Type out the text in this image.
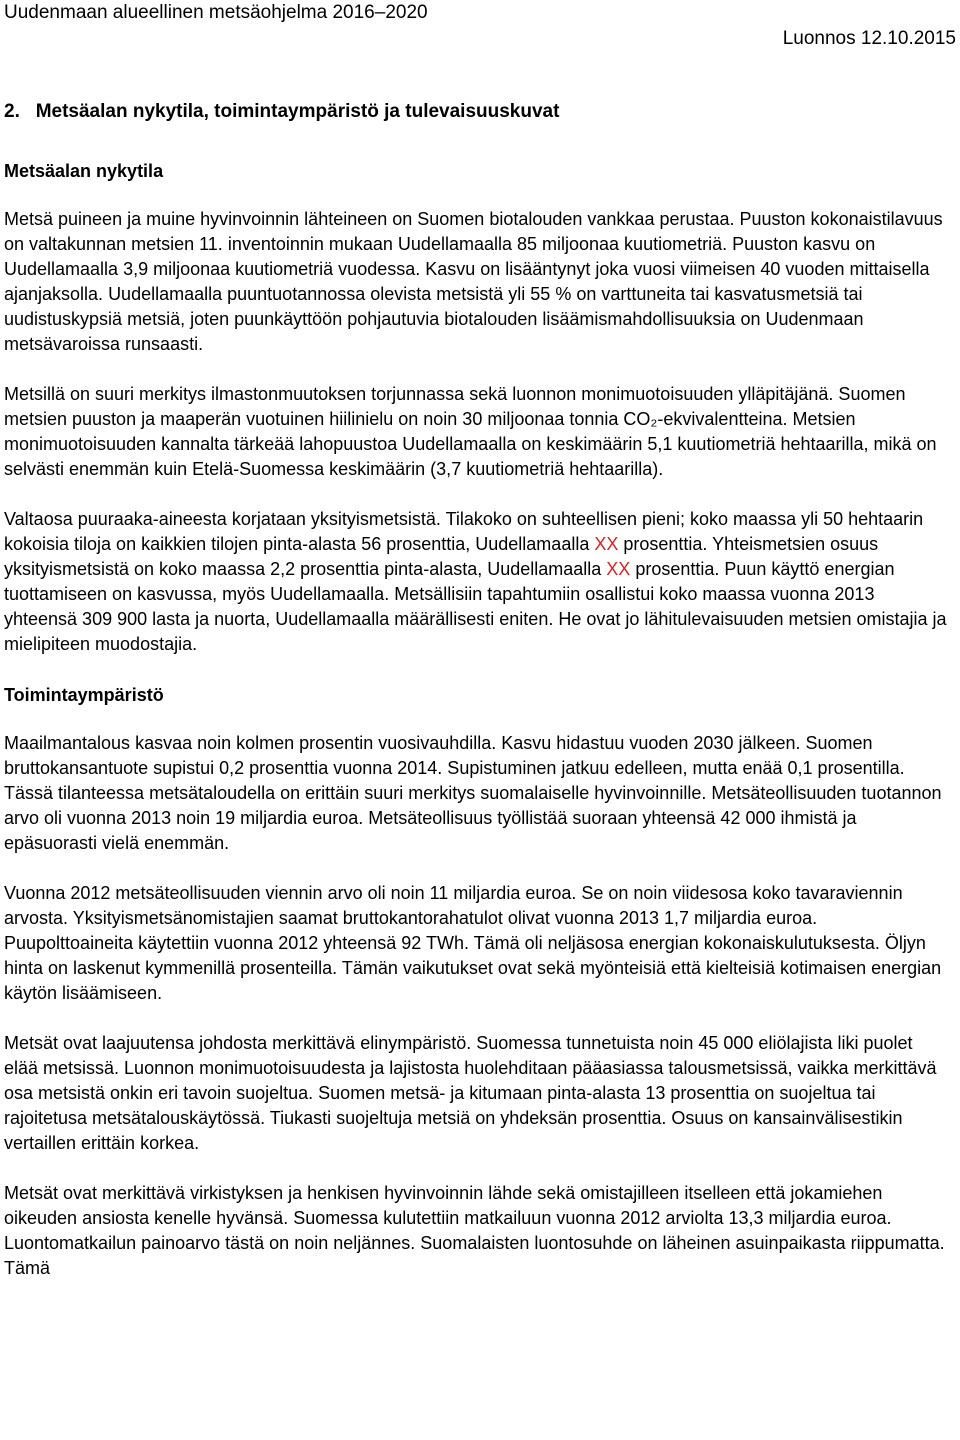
Uudenmaan alueellinen metsäohjelma 2016–2020
Luonnos 12.10.2015
2. Metsäalan nykytila, toimintaympäristö ja tulevaisuuskuvat
Metsäalan nykytila

Metsä puineen ja muine hyvinvoinnin lähteineen on Suomen biotalouden vankkaa perustaa. Puuston kokonaistilavuus on valtakunnan metsien 11. inventoinnin mukaan Uudellamaalla 85 miljoonaa kuutiometriä. Puuston kasvu on Uudellamaalla 3,9 miljoonaa kuutiometriä vuodessa. Kasvu on lisääntynyt joka vuosi viimeisen 40 vuoden mittaisella ajanjaksolla. Uudellamaalla puuntuotannossa olevista metsistä yli 55 % on varttuneita tai kasvatusmetsiä tai uudistuskypsiä metsiä, joten puunkäyttöön pohjautuvia biotalouden lisäämismahdollisuuksia on Uudenmaan metsävaroissa runsaasti.

Metsillä on suuri merkitys ilmastonmuutoksen torjunnassa sekä luonnon monimuotoisuuden ylläpitäjänä. Suomen metsien puuston ja maaperän vuotuinen hiilinielu on noin 30 miljoonaa tonnia CO₂-ekvivalentteina. Metsien monimuotoisuuden kannalta tärkeää lahopuustoa Uudellamaalla on keskimäärin 5,1 kuutiometriä hehtaarilla, mikä on selvästi enemmän kuin Etelä-Suomessa keskimäärin (3,7 kuutiometriä hehtaarilla).

Valtaosa puuraaka-aineesta korjataan yksityismetsistä. Tilakoko on suhteellisen pieni; koko maassa yli 50 hehtaarin kokoisia tiloja on kaikkien tilojen pinta-alasta 56 prosenttia, Uudellamaalla XX prosenttia. Yhteismetsien osuus yksityismetsistä on koko maassa 2,2 prosenttia pinta-alasta, Uudellamaalla XX prosenttia. Puun käyttö energian tuottamiseen on kasvussa, myös Uudellamaalla. Metsällisiin tapahtumiin osallistui koko maassa vuonna 2013 yhteensä 309 900 lasta ja nuorta, Uudellamaalla määrällisesti eniten. He ovat jo lähitulevaisuuden metsien omistajia ja mielipiteen muodostajia.

Toimintaympäristö

Maailmantalous kasvaa noin kolmen prosentin vuosivauhdilla. Kasvu hidastuu vuoden 2030 jälkeen. Suomen bruttokansantuote supistui 0,2 prosenttia vuonna 2014. Supistuminen jatkuu edelleen, mutta enää 0,1 prosentilla. Tässä tilanteessa metsätaloudella on erittäin suuri merkitys suomalaiselle hyvinvoinnille. Metsäteollisuuden tuotannon arvo oli vuonna 2013 noin 19 miljardia euroa. Metsäteollisuus työllistää suoraan yhteensä 42 000 ihmistä ja epäsuorasti vielä enemmän.

Vuonna 2012 metsäteollisuuden viennin arvo oli noin 11 miljardia euroa. Se on noin viidesosa koko tavaraviennin arvosta. Yksityismetsänomistajien saamat bruttokantorahatulot olivat vuonna 2013 1,7 miljardia euroa. Puupolttoaineita käytettiin vuonna 2012 yhteensä 92 TWh. Tämä oli neljäsosa energian kokonaiskulutuksesta. Öljyn hinta on laskenut kymmenillä prosenteilla. Tämän vaikutukset ovat sekä myönteisiä että kielteisiä kotimaisen energian käytön lisäämiseen.

Metsät ovat laajuutensa johdosta merkittävä elinympäristö. Suomessa tunnetuista noin 45 000 eliölajista liki puolet elää metsissä. Luonnon monimuotoisuudesta ja lajistosta huolehditaan pääasiassa talousmetsissä, vaikka merkittävä osa metsistä onkin eri tavoin suojeltua. Suomen metsä- ja kitumaan pinta-alasta 13 prosenttia on suojeltua tai rajoitetusa metsätalouskäytössä. Tiukasti suojeltuja metsiä on yhdeksän prosenttia. Osuus on kansainvälisestikin vertaillen erittäin korkea.

Metsät ovat merkittävä virkistyksen ja henkisen hyvinvoinnin lähde sekä omistajilleen itselleen että jokamiehen oikeuden ansiosta kenelle hyvänsä. Suomessa kulutettiin matkailuun vuonna 2012 arviolta 13,3 miljardia euroa. Luontomatkailun painoarvo tästä on noin neljännes. Suomalaisten luontosuhde on läheinen asuinpaikasta riippumatta. Tämä
